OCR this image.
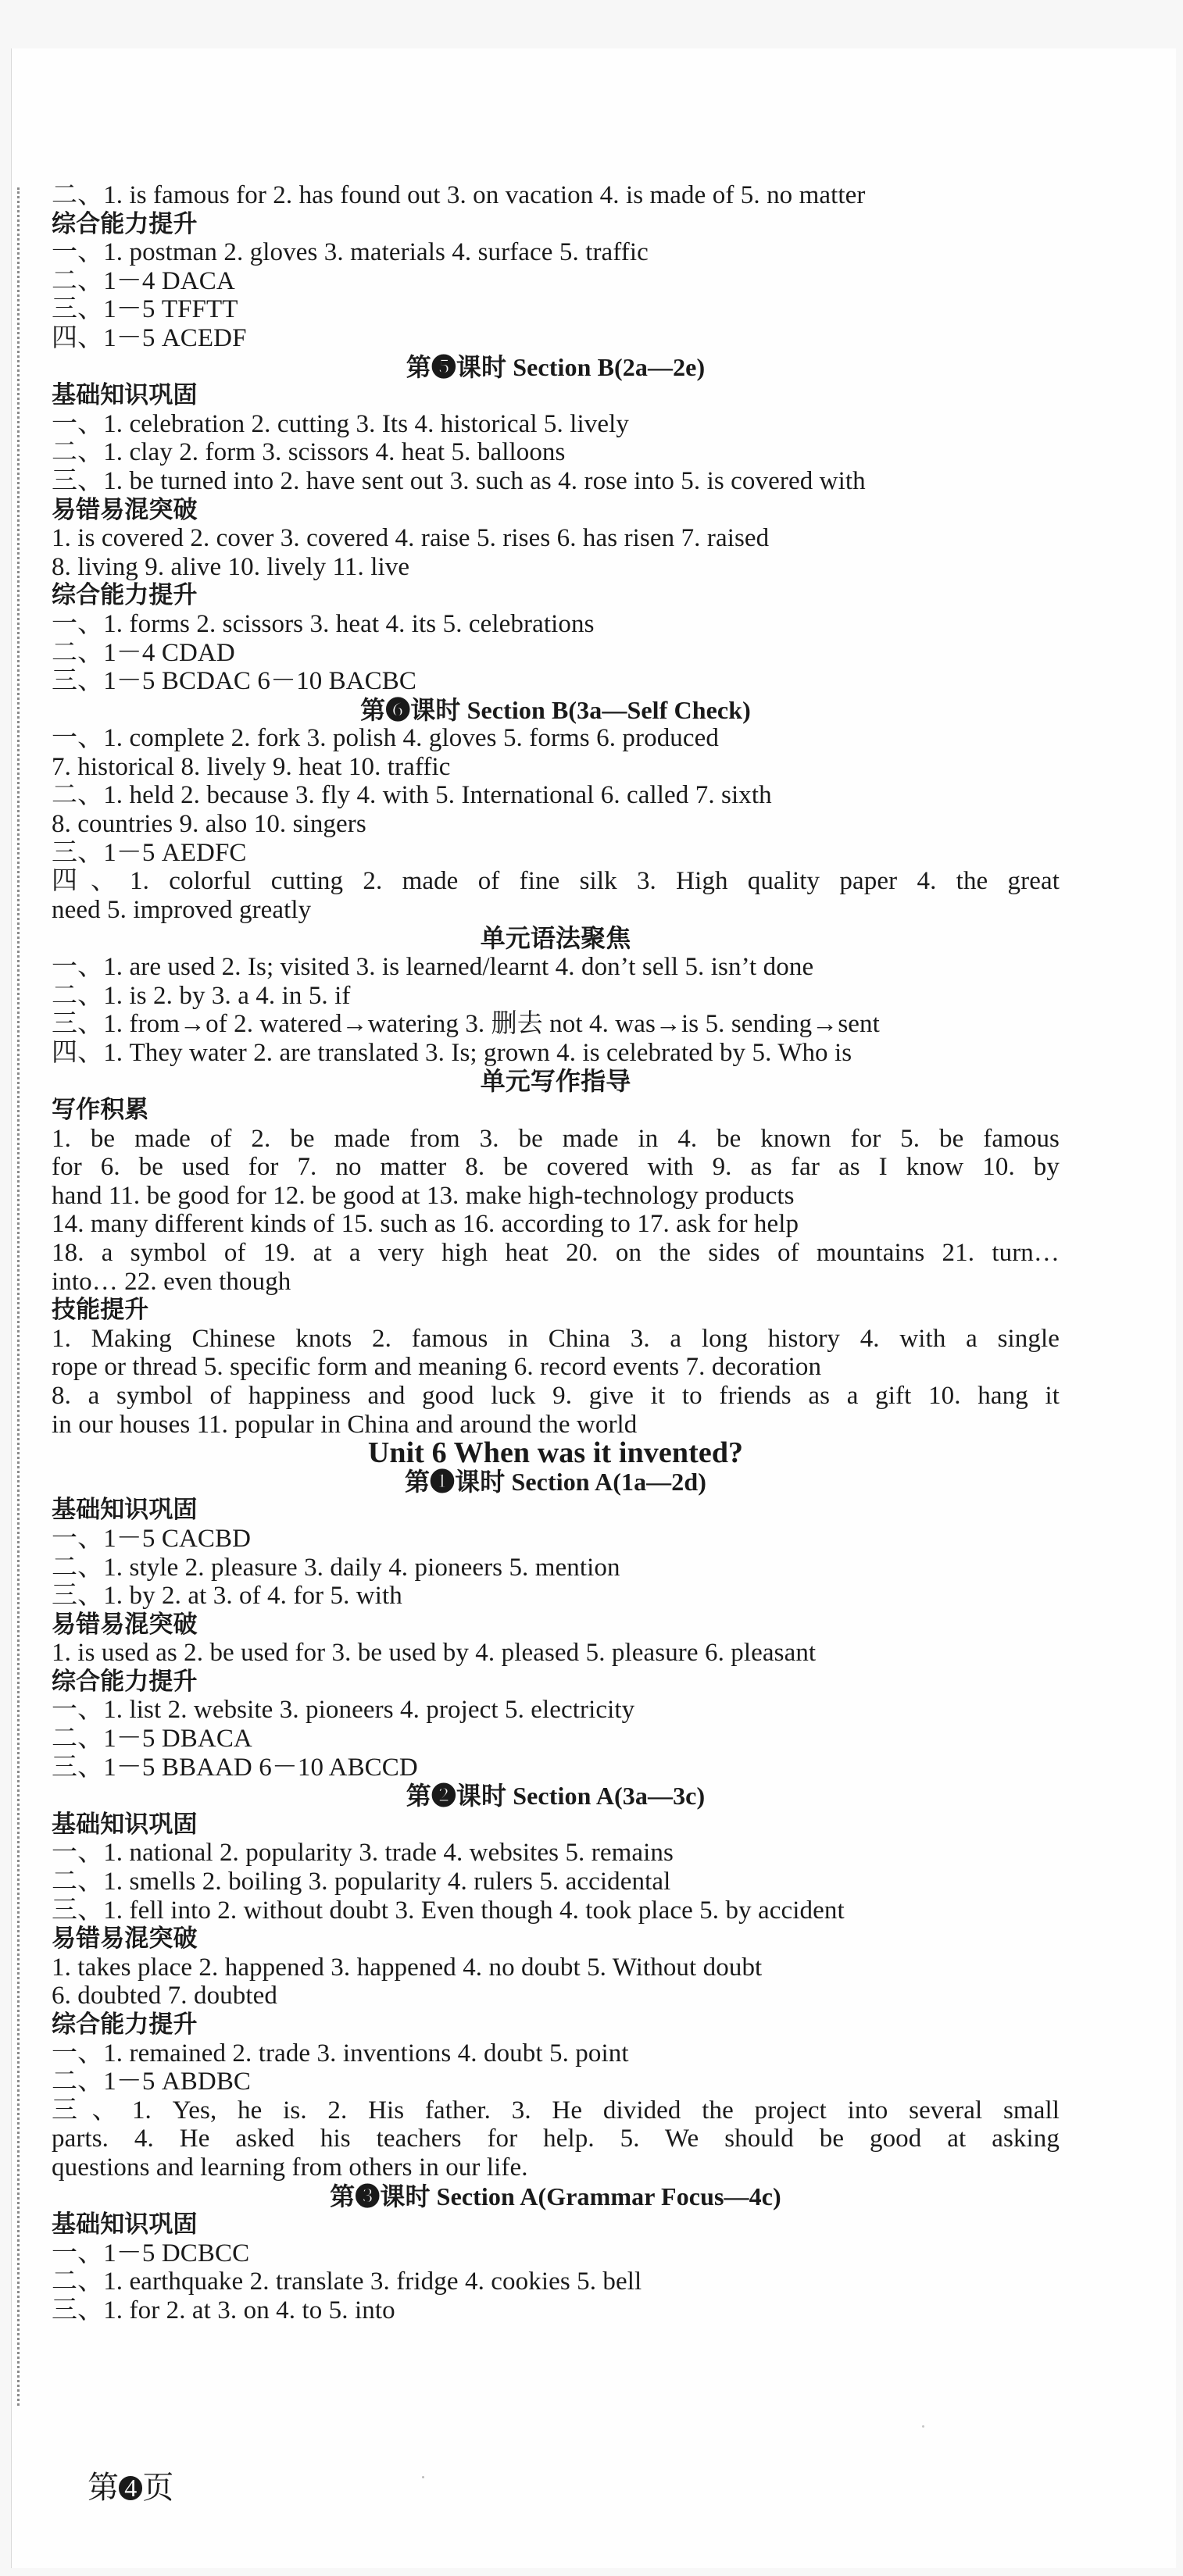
二、1. is famous for 2. has found out 3. on vacation 4. is made of 5. no matter
综合能力提升
一、1. postman 2. gloves 3. materials 4. surface 5. traffic
二、1－4 DACA
三、1－5 TFFTT
四、1－5 ACEDF
第❺课时 Section B(2a—2e)
基础知识巩固
一、1. celebration 2. cutting 3. Its 4. historical 5. lively
二、1. clay 2. form 3. scissors 4. heat 5. balloons
三、1. be turned into 2. have sent out 3. such as 4. rose into 5. is covered with
易错易混突破
1. is covered 2. cover 3. covered 4. raise 5. rises 6. has risen 7. raised
8. living 9. alive 10. lively 11. live
综合能力提升
一、1. forms 2. scissors 3. heat 4. its 5. celebrations
二、1－4 CDAD
三、1－5 BCDAC 6－10 BACBC
第❻课时 Section B(3a—Self Check)
一、1. complete 2. fork 3. polish 4. gloves 5. forms 6. produced
7. historical 8. lively 9. heat 10. traffic
二、1. held 2. because 3. fly 4. with 5. International 6. called 7. sixth
8. countries 9. also 10. singers
三、1－5 AEDFC
四、1. colorful cutting 2. made of fine silk 3. High quality paper 4. the great
need 5. improved greatly
单元语法聚焦
一、1. are used 2. Is; visited 3. is learned/learnt 4. don’t sell 5. isn’t done
二、1. is 2. by 3. a 4. in 5. if
三、1. from→of 2. watered→watering 3. 删去 not 4. was→is 5. sending→sent
四、1. They water 2. are translated 3. Is; grown 4. is celebrated by 5. Who is
单元写作指导
写作积累
1. be made of 2. be made from 3. be made in 4. be known for 5. be famous
for 6. be used for 7. no matter 8. be covered with 9. as far as I know 10. by
hand 11. be good for 12. be good at 13. make high-technology products
14. many different kinds of 15. such as 16. according to 17. ask for help
18. a symbol of 19. at a very high heat 20. on the sides of mountains 21. turn…
into… 22. even though
技能提升
1. Making Chinese knots 2. famous in China 3. a long history 4. with a single
rope or thread 5. specific form and meaning 6. record events 7. decoration
8. a symbol of happiness and good luck 9. give it to friends as a gift 10. hang it
in our houses 11. popular in China and around the world
Unit 6 When was it invented?
第❶课时 Section A(1a—2d)
基础知识巩固
一、1－5 CACBD
二、1. style 2. pleasure 3. daily 4. pioneers 5. mention
三、1. by 2. at 3. of 4. for 5. with
易错易混突破
1. is used as 2. be used for 3. be used by 4. pleased 5. pleasure 6. pleasant
综合能力提升
一、1. list 2. website 3. pioneers 4. project 5. electricity
二、1－5 DBACA
三、1－5 BBAAD 6－10 ABCCD
第❷课时 Section A(3a—3c)
基础知识巩固
一、1. national 2. popularity 3. trade 4. websites 5. remains
二、1. smells 2. boiling 3. popularity 4. rulers 5. accidental
三、1. fell into 2. without doubt 3. Even though 4. took place 5. by accident
易错易混突破
1. takes place 2. happened 3. happened 4. no doubt 5. Without doubt
6. doubted 7. doubted
综合能力提升
一、1. remained 2. trade 3. inventions 4. doubt 5. point
二、1－5 ABDBC
三、1. Yes, he is. 2. His father. 3. He divided the project into several small
parts. 4. He asked his teachers for help. 5. We should be good at asking
questions and learning from others in our life.
第❸课时 Section A(Grammar Focus—4c)
基础知识巩固
一、1－5 DCBCC
二、1. earthquake 2. translate 3. fridge 4. cookies 5. bell
三、1. for 2. at 3. on 4. to 5. into
第 4 页
